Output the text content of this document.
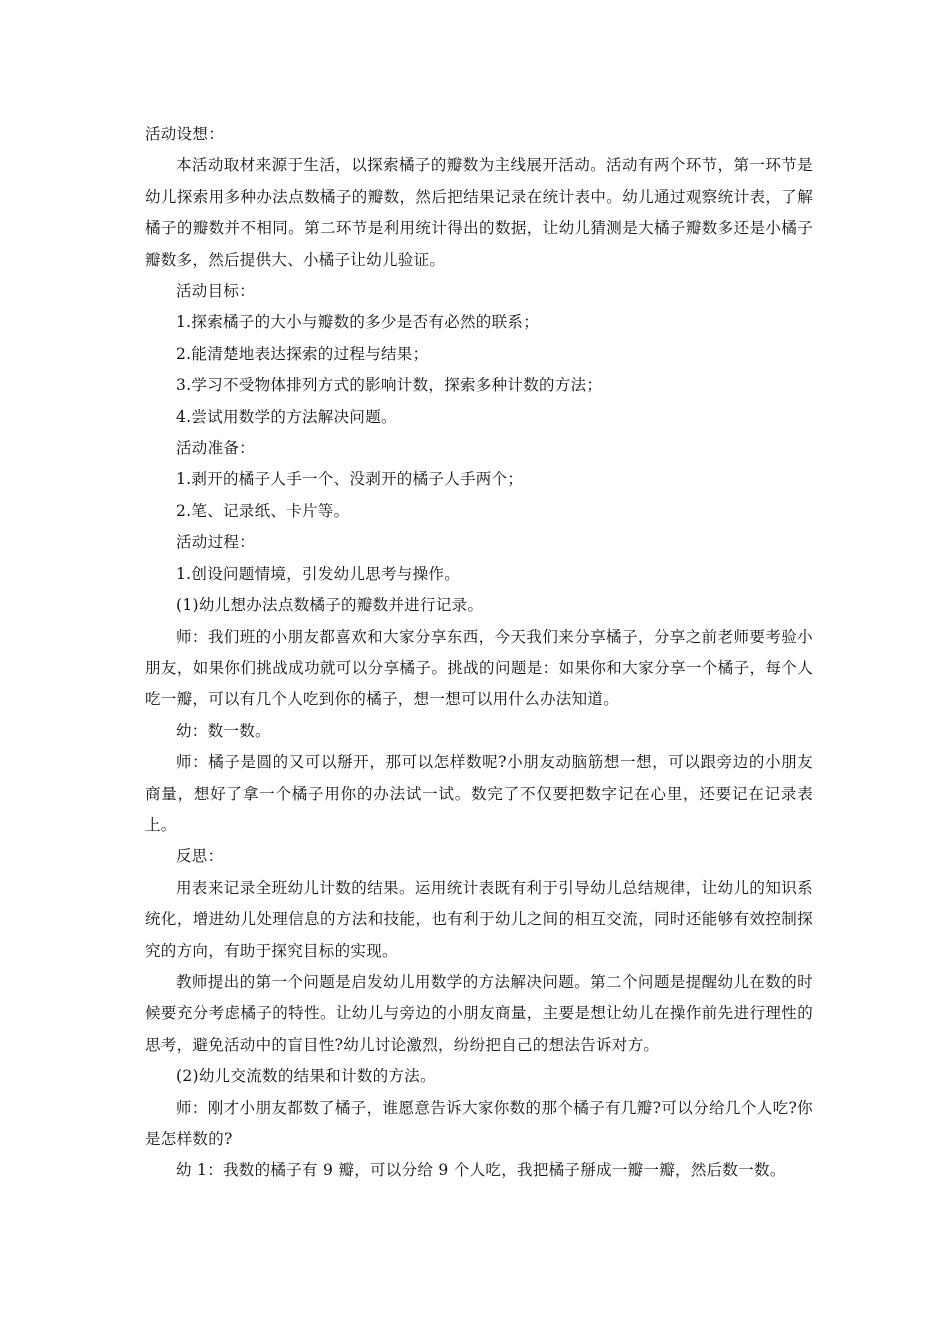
活动设想：

本活动取材来源于生活，以探索橘子的瓣数为主线展开活动。活动有两个环节，第一环节是幼儿探索用多种办法点数橘子的瓣数，然后把结果记录在统计表中。幼儿通过观察统计表，了解橘子的瓣数并不相同。第二环节是利用统计得出的数据，让幼儿猜测是大橘子瓣数多还是小橘子瓣数多，然后提供大、小橘子让幼儿验证。

活动目标：

1.探索橘子的大小与瓣数的多少是否有必然的联系；

2.能清楚地表达探索的过程与结果；

3.学习不受物体排列方式的影响计数，探索多种计数的方法；

4.尝试用数学的方法解决问题。

活动准备：

1.剥开的橘子人手一个、没剥开的橘子人手两个；

2.笔、记录纸、卡片等。

活动过程：

1.创设问题情境，引发幼儿思考与操作。

(1)幼儿想办法点数橘子的瓣数并进行记录。

师：我们班的小朋友都喜欢和大家分享东西，今天我们来分享橘子，分享之前老师要考验小朋友，如果你们挑战成功就可以分享橘子。挑战的问题是：如果你和大家分享一个橘子，每个人吃一瓣，可以有几个人吃到你的橘子，想一想可以用什么办法知道。

幼：数一数。

师：橘子是圆的又可以掰开，那可以怎样数呢?小朋友动脑筋想一想，可以跟旁边的小朋友商量，想好了拿一个橘子用你的办法试一试。数完了不仅要把数字记在心里，还要记在记录表上。

反思：

用表来记录全班幼儿计数的结果。运用统计表既有利于引导幼儿总结规律，让幼儿的知识系统化，增进幼儿处理信息的方法和技能，也有利于幼儿之间的相互交流，同时还能够有效控制探究的方向，有助于探究目标的实现。

教师提出的第一个问题是启发幼儿用数学的方法解决问题。第二个问题是提醒幼儿在数的时候要充分考虑橘子的特性。让幼儿与旁边的小朋友商量，主要是想让幼儿在操作前先进行理性的思考，避免活动中的盲目性?幼儿讨论激烈，纷纷把自己的想法告诉对方。

(2)幼儿交流数的结果和计数的方法。

师：刚才小朋友都数了橘子，谁愿意告诉大家你数的那个橘子有几瓣?可以分给几个人吃?你是怎样数的?

幼 1：我数的橘子有 9 瓣，可以分给 9 个人吃，我把橘子掰成一瓣一瓣，然后数一数。
